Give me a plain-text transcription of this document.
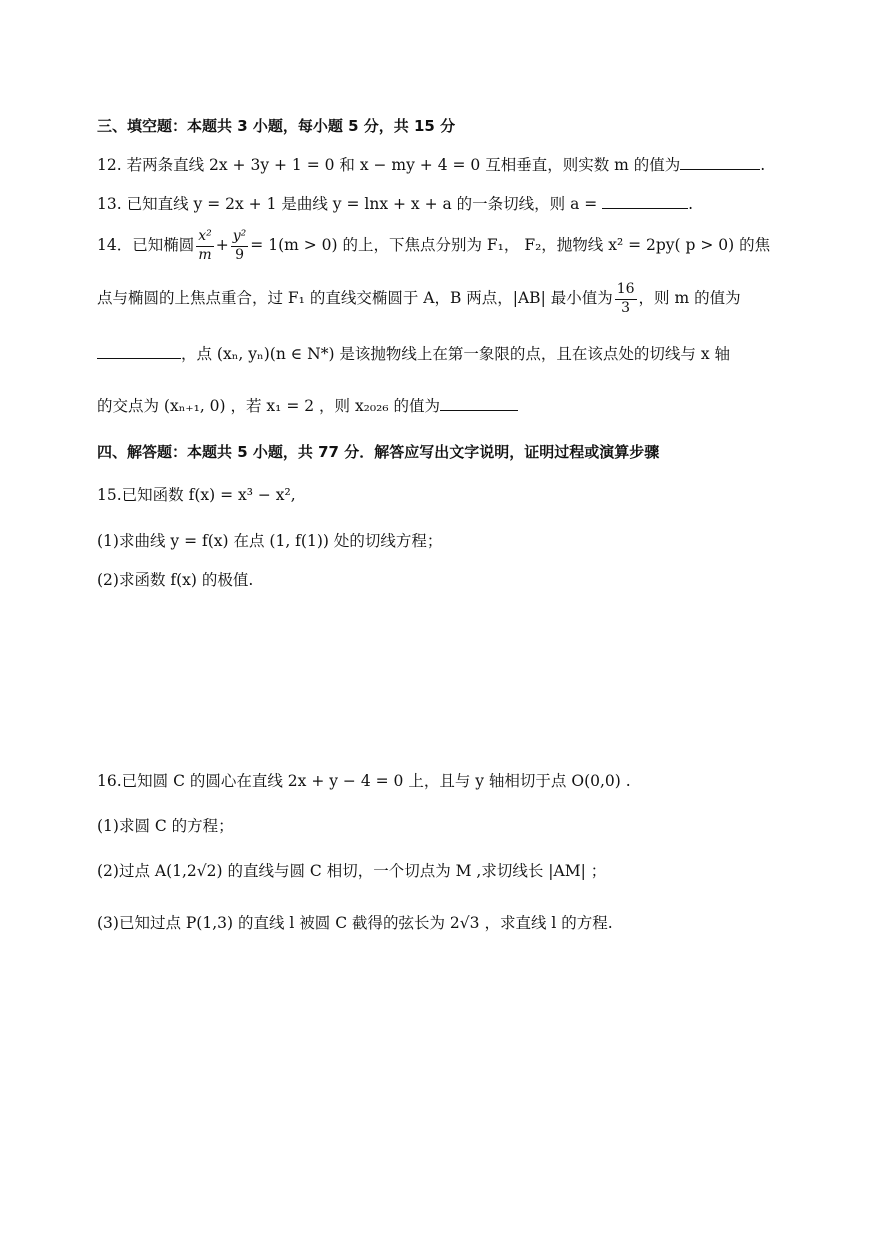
三、填空题：本题共 3 小题，每小题 5 分，共 15 分
12. 若两条直线 2x + 3y + 1 = 0 和 x − my + 4 = 0 互相垂直，则实数 m 的值为	.
13. 已知直线 y = 2x + 1 是曲线 y = lnx + x + a 的一条切线，则 a =	.
14．已知椭圆 $\frac{\text{x²}}{m} + \frac{\text{y²}}{9} = 1(m > 0)$ 的上，下焦点分别为 F₁， F₂，抛物线 x² = 2py( p > 0) 的焦
点与椭圆的上焦点重合，过 F₁ 的直线交椭圆于 A，B 两点，|AB| 最小值为 $\frac{16}{3}$ ，则 m 的值为
，点 (xₙ, yₙ)(n ∈ N*) 是该抛物线上在第一象限的点，且在该点处的切线与 x 轴
的交点为 (xₙ₊₁, 0) ，若 x₁ = 2 ，则 x₂₀₂₆ 的值为
四、解答题：本题共 5 小题，共 77 分．解答应写出文字说明，证明过程或演算步骤
15.已知函数 f(x) = x³ − x²,
(1)求曲线 y = f(x) 在点 (1, f(1)) 处的切线方程；
(2)求函数 f(x) 的极值.
16.已知圆 C 的圆心在直线 2x + y − 4 = 0 上，且与 y 轴相切于点 O(0,0) .
(1)求圆 C 的方程；
(2)过点 A(1,2√2) 的直线与圆 C 相切，一个切点为 M ,求切线长 |AM| ；
(3)已知过点 P(1,3) 的直线 l 被圆 C 截得的弦长为 2√3 ，求直线 l 的方程.
